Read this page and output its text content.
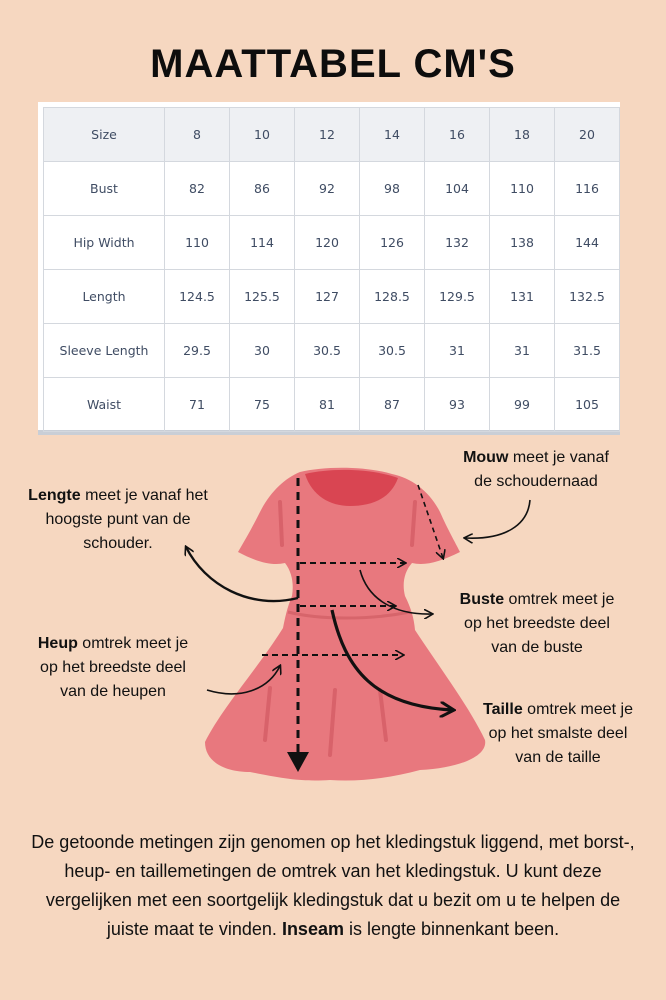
MAATTABEL CM'S
Size	8	10	12	14	16	18	20
Bust	82	86	92	98	104	110	116
Hip Width	110	114	120	126	132	138	144
Length	124.5	125.5	127	128.5	129.5	131	132.5
Sleeve Length	29.5	30	30.5	30.5	31	31	31.5
Waist	71	75	81	87	93	99	105
Lengte meet je vanaf het
hoogste punt van de
schouder.
Mouw meet je vanaf
de schoudernaad
Buste omtrek meet je
op het breedste deel
van de buste
Heup omtrek meet je
op het breedste deel
van de heupen
Taille omtrek meet je
op het smalste deel
van de taille
De getoonde metingen zijn genomen op het kledingstuk liggend, met borst-, heup- en taillemetingen de omtrek van het kledingstuk. U kunt deze vergelijken met een soortgelijk kledingstuk dat u bezit om u te helpen de juiste maat te vinden. Inseam is lengte binnenkant been.
